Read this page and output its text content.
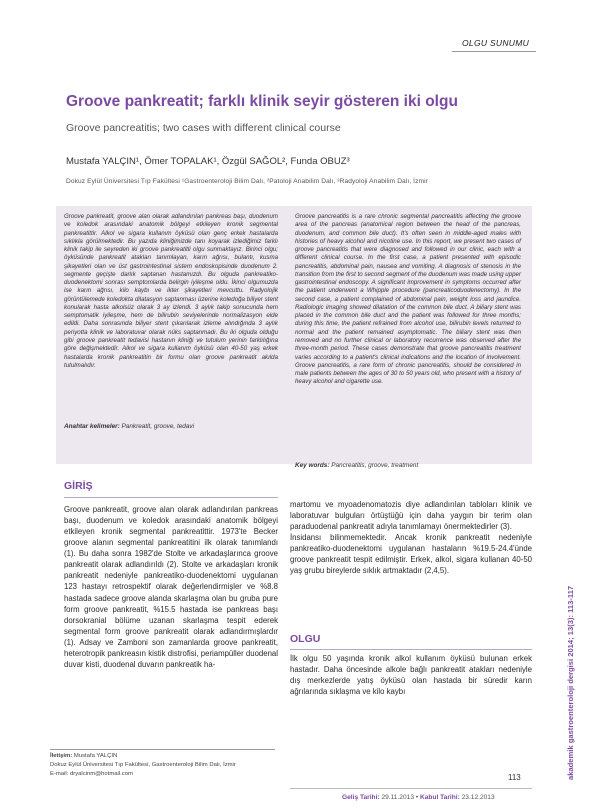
OLGU SUNUMU
Groove pankreatit; farklı klinik seyir gösteren iki olgu
Groove pancreatitis; two cases with different clinical course
Mustafa YALÇIN¹, Ömer TOPALAK¹, Özgül SAĞOL², Funda OBUZ³
Dokuz Eylül Üniversitesi Tıp Fakültesi ¹Gastroenteroloji Bilim Dalı, ²Patoloji Anabilim Dalı, ³Radyoloji Anabilim Dalı, İzmir
Groove pankreatit, groove alan olarak adlandırılan pankreas başı, duodenum ve koledok arasındaki anatomik bölgeyi etkileyen kronik segmental pankreatittir. Alkol ve sigara kullanım öyküsü olan genç erkek hastalarda sıklıkla görülmektedir. Bu yazıda kliniğimizde tanı koyarak izlediğimiz farklı klinik takip ile seyreden iki groove pankreatitli olgu sunmaktayız. Birinci olgu; öyküsünde pankreatit atakları tanımlayan, karın ağrısı, bulantı, kusma şikayetleri olan ve üst gastrointestinal sistem endoskopisinde duodenum 2. segmente geçişte darlık saptanan hastamızdı. Bu olguda pankreatiko-duodenektomi sonrası semptomlarda belirgin iyileşme oldu. İkinci olgumuzda ise karın ağrısı, kilo kaybı ve ikter şikayetleri mevcuttu. Radyolojik görüntülemede koledokta dilatasyon saptanması üzerine koledoğa biliyer stent konularak hasta alkolsüz olarak 3 ay izlendi. 3 aylık takip sonucunda hem semptomatik iyileşme, hem de bilirubin seviyelerinde normalizasyon elde edildi. Daha sonrasında biliyer stent çıkarılarak izleme alındığında 3 aylık periyotta klinik ve laboratuvar olarak nüks saptanmadı. Bu iki olguda olduğu gibi groove pankreatit tedavisi hastanın kliniği ve tutulum yerinin farklılığına göre değişmektedir. Alkol ve sigara kullanım öyküsü olan 40-50 yaş erkek hastalarda kronik pankreatitin bir formu olan groove pankreatit akılda tutulmalıdır.
Anahtar kelimeler: Pankreatit, groove, tedavi
Groove pancreatitis is a rare chronic segmental pancreatitis affecting the groove area of the pancreas (anatomical region between the head of the pancreas, duodenum, and common bile duct). It's often seen in middle-aged males with histories of heavy alcohol and nicotine use. In this report, we present two cases of groove pancreatitis that were diagnosed and followed in our clinic, each with a different clinical course. In the first case, a patient presented with episodic pancreatitis, abdominal pain, nausea and vomiting. A diagnosis of stenosis in the transition from the first to second segment of the duodenum was made using upper gastrointestinal endoscopy. A significant improvement in symptoms occurred after the patient underwent a Whipple procedure (pancreaticoduodenectomy). In the second case, a patient complained of abdominal pain, weight loss and jaundice. Radiologic imaging showed dilatation of the common bile duct. A biliary stent was placed in the common bile duct and the patient was followed for three months; during this time, the patient refrained from alcohol use, bilirubin levels returned to normal and the patient remained asymptomatic. The biliary stent was then removed and no further clinical or laboratory recurrence was observed after the three-month period. These cases demonstrate that groove pancreatitis treatment varies according to a patient's clinical indications and the location of involvement. Groove pancreatitis, a rare form of chronic pancreatitis, should be considered in male patients between the ages of 30 to 50 years old, who present with a history of heavy alcohol and cigarette use.
Key words: Pancreatitis, groove, treatment
GİRİŞ
Groove pankreatit, groove alan olarak adlandırılan pankreas başı, duodenum ve koledok arasındaki anatomik bölgeyi etkileyen kronik segmental pankreatittir. 1973'te Becker groove alanın segmental pankreatitini ilk olarak tanımlandı (1). Bu daha sonra 1982'de Stolte ve arkadaşlarınca groove pankreatit olarak adlandırıldı (2). Stolte ve arkadaşları kronik pankreatit nedeniyle pankreatiko-duodenektomi uygulanan 123 hastayı retrospektif olarak değerlendirmişler ve %8.8 hastada sadece groove alanda skarlaşma olan bu gruba pure form groove pankreatit, %15.5 hastada ise pankreas başı dorsokranial bölüme uzanan skarlaşma tespit ederek segmental form groove pankreatit olarak adlandırmışlardır (1). Adsay ve Zamboni son zamanlarda groove pankreatit, heterotropik pankreasın kistik distrofisi, periampüller duodenal duvar kisti, duodenal duvarın pankreatik ha-
martomu ve myoadenomatozis diye adlandırılan tabloları klinik ve laboratuvar bulguları örtüştüğü için daha yaygın bir terim olan paraduodenal pankreatit adıyla tanımlamayı önermektedirler (3).
İnsidansı bilinmemektedir. Ancak kronik pankreatit nedeniyle pankreatiko-duodenektomi uygulanan hastaların %19.5-24.4'ünde groove pankreatit tespit edilmiştir. Erkek, alkol, sigara kullanan 40-50 yaş grubu bireylerde sıklık artmaktadır (2,4,5).
OLGU
İlk olgu 50 yaşında kronik alkol kullanım öyküsü bulunan erkek hastadır. Daha öncesinde alkole bağlı pankreatit atakları nedeniyle dış merkezlerde yatış öyküsü olan hastada bir süredir karın ağrılarında sıklaşma ve kilo kaybı
İletişim: Mustafa YALÇIN
Dokuz Eylül Üniversitesi Tıp Fakültesi, Gastroenteroloji Bilim Dalı, İzmir
E-mail: dryalcinm@hotmail.com
Geliş Tarihi: 29.11.2013 • Kabul Tarihi: 23.12.2013
akademik gastroenteroloji dergisi 2014; 13(3): 113-117
113
